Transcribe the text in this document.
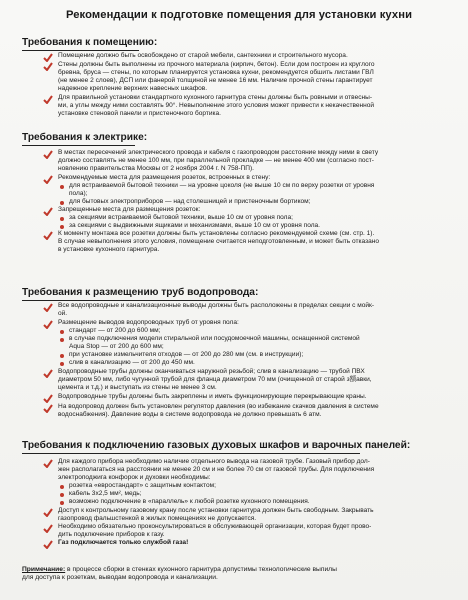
Рекомендации к подготовке помещения для установки кухни
Требования к помещению:
Помещение должно быть освобождено от старой мебели, сантехники и строительного мусора.
Стены должны быть выполнены из прочного материала (кирпич, бетон). Если дом построен из круглого
бревна, бруса — стены, по которым планируется установка кухни, рекомендуется обшить листами ГВЛ
(не менее 2 слоев), ДСП или фанерой толщиной не менее 16 мм. Наличие прочной стены гарантирует
надежное крепление верхних навесных шкафов.
Для правильной установки стандартного кухонного гарнитура стены должны быть ровными и отвесны-
ми, а углы между ними составлять 90°. Невыполнение этого условия может привести к некачественной
установке стеновой панели и пристеночного бортика.
Требования к электрике:
В местах пересечений электрического провода и кабеля с газопроводом расстояние между ними в свету
должно составлять не менее 100 мм, при параллельной прокладке — не менее 400 мм (согласно пост-
новлению правительства Москвы от 2 ноября 2004 г. N 758-ПП).
Рекомендуемые места для размещения розеток, встроенных в стену:
для встраиваемой бытовой техники — на уровне цоколя (не выше 10 см по верху розетки от уровня
пола);
для бытовых электроприборов — над столешницей и пристеночным бортиком;
Запрещенные места для размещения розеток:
за секциями встраиваемой бытовой техники, выше 10 см от уровня пола;
за секциями с выдвижными ящиками и механизмами, выше 10 см от уровня пола.
К моменту монтажа все розетки должны быть установлены согласно рекомендуемой схеме (см. стр. 1).
В случае невыполнения этого условия, помещение считается неподготовленным, и может быть отказано
в установке кухонного гарнитура.
Требования к размещению труб водопровода:
Все водопроводные и канализационные выводы должны быть расположены в пределах секции с мойк-
ой.
Размещение выводов водопроводных труб от уровня пола:
стандарт — от 200 до 600 мм;
в случае подключения модели стиральной или посудомоечной машины, оснащенной системой
Aqua Stop — от 200 до 600 мм;
при установке измельчителя отходов — от 200 до 280 мм (см. в инструкции);
слив в канализацию — от 200 до 450 мм.
Водопроводные трубы должны оканчиваться наружной резьбой; слив в канализацию — трубой ПВХ
диаметром 50 мм, либо чугунной трубой для фланца диаметром 70 мм (очищенной от старой з额авки,
цемента и т.д.) и выступать из стены не менее 3 см.
Водопроводные трубы должны быть закреплены и иметь функционирующие перекрывающие краны.
На водопровод должен быть установлен регулятор давления (во избежание скачков давления в системе
водоснабжения). Давление воды в системе водопровода не должно превышать 6 атм.
Требования к подключению газовых духовых шкафов и варочных панелей:
Для каждого прибора необходимо наличие отдельного вывода на газовой трубе. Газовый прибор дол-
жен располагаться на расстоянии не менее 20 см и не более 70 см от газовой трубы. Для подключения
электроподжига конфорок и духовки необходимы:
розетка «евростандарт» с защитным контактом;
кабель 3х2,5 мм², медь;
возможно подключение в «параллель» к любой розетке кухонного помещения.
Доступ к контрольному газовому крану после установки гарнитура должен быть свободным. Закрывать
газопровод фальшстенкой в жилых помещениях не допускается.
Необходимо обязательно проконсультироваться в обслуживающей организации, которая будет прово-
дить подключение приборов к газу.
Газ подключается только службой газа!
Примечание: в процессе сборки в стенках кухонного гарнитура допустимы технологические выпилы
для доступа к розеткам, выводам водопровода и канализации.
